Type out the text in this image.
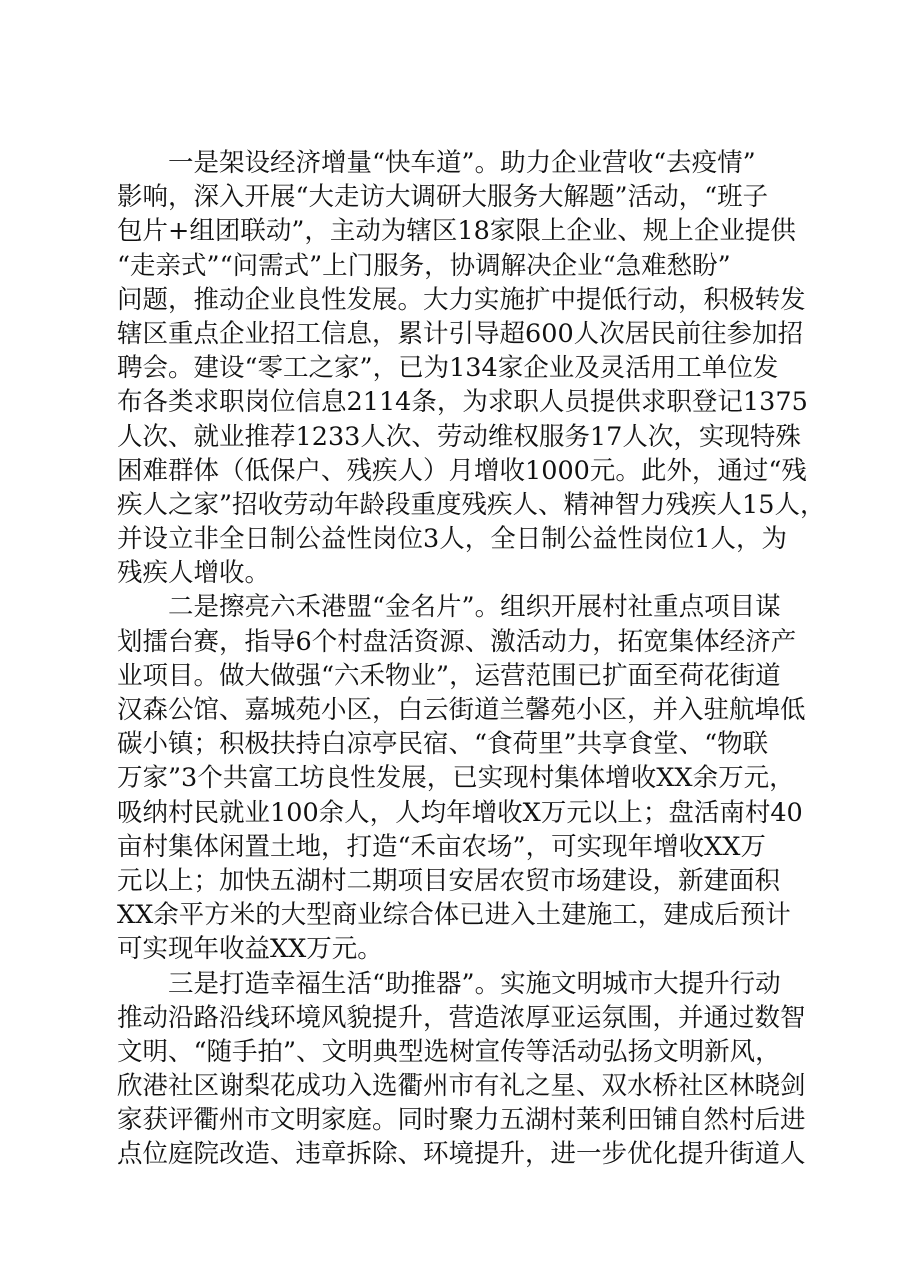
一是架设经济增量“快车道”。助力企业营收“去疫情”
影响，深入开展“大走访大调研大服务大解题”活动，“班子
包片+组团联动”，主动为辖区18家限上企业、规上企业提供
“走亲式”“问需式”上门服务，协调解决企业“急难愁盼”
问题，推动企业良性发展。大力实施扩中提低行动，积极转发
辖区重点企业招工信息，累计引导超600人次居民前往参加招
聘会。建设“零工之家”，已为134家企业及灵活用工单位发
布各类求职岗位信息2114条，为求职人员提供求职登记1375
人次、就业推荐1233人次、劳动维权服务17人次，实现特殊
困难群体（低保户、残疾人）月增收1000元。此外，通过“残
疾人之家”招收劳动年龄段重度残疾人、精神智力残疾人15人，
并设立非全日制公益性岗位3人，全日制公益性岗位1人，为
残疾人增收。
二是擦亮六禾港盟“金名片”。组织开展村社重点项目谋
划擂台赛，指导6个村盘活资源、激活动力，拓宽集体经济产
业项目。做大做强“六禾物业”，运营范围已扩面至荷花街道
汉森公馆、嘉城苑小区，白云街道兰馨苑小区，并入驻航埠低
碳小镇；积极扶持白凉亭民宿、“食荷里”共享食堂、“物联
万家”3个共富工坊良性发展，已实现村集体增收XX余万元，
吸纳村民就业100余人，人均年增收X万元以上；盘活南村40
亩村集体闲置土地，打造“禾亩农场”，可实现年增收XX万
元以上；加快五湖村二期项目安居农贸市场建设，新建面积
XX余平方米的大型商业综合体已进入土建施工，建成后预计
可实现年收益XX万元。
三是打造幸福生活“助推器”。实施文明城市大提升行动
推动沿路沿线环境风貌提升，营造浓厚亚运氛围，并通过数智
文明、“随手拍”、文明典型选树宣传等活动弘扬文明新风，
欣港社区谢梨花成功入选衢州市有礼之星、双水桥社区林晓剑
家获评衢州市文明家庭。同时聚力五湖村莱利田铺自然村后进
点位庭院改造、违章拆除、环境提升，进一步优化提升街道人
